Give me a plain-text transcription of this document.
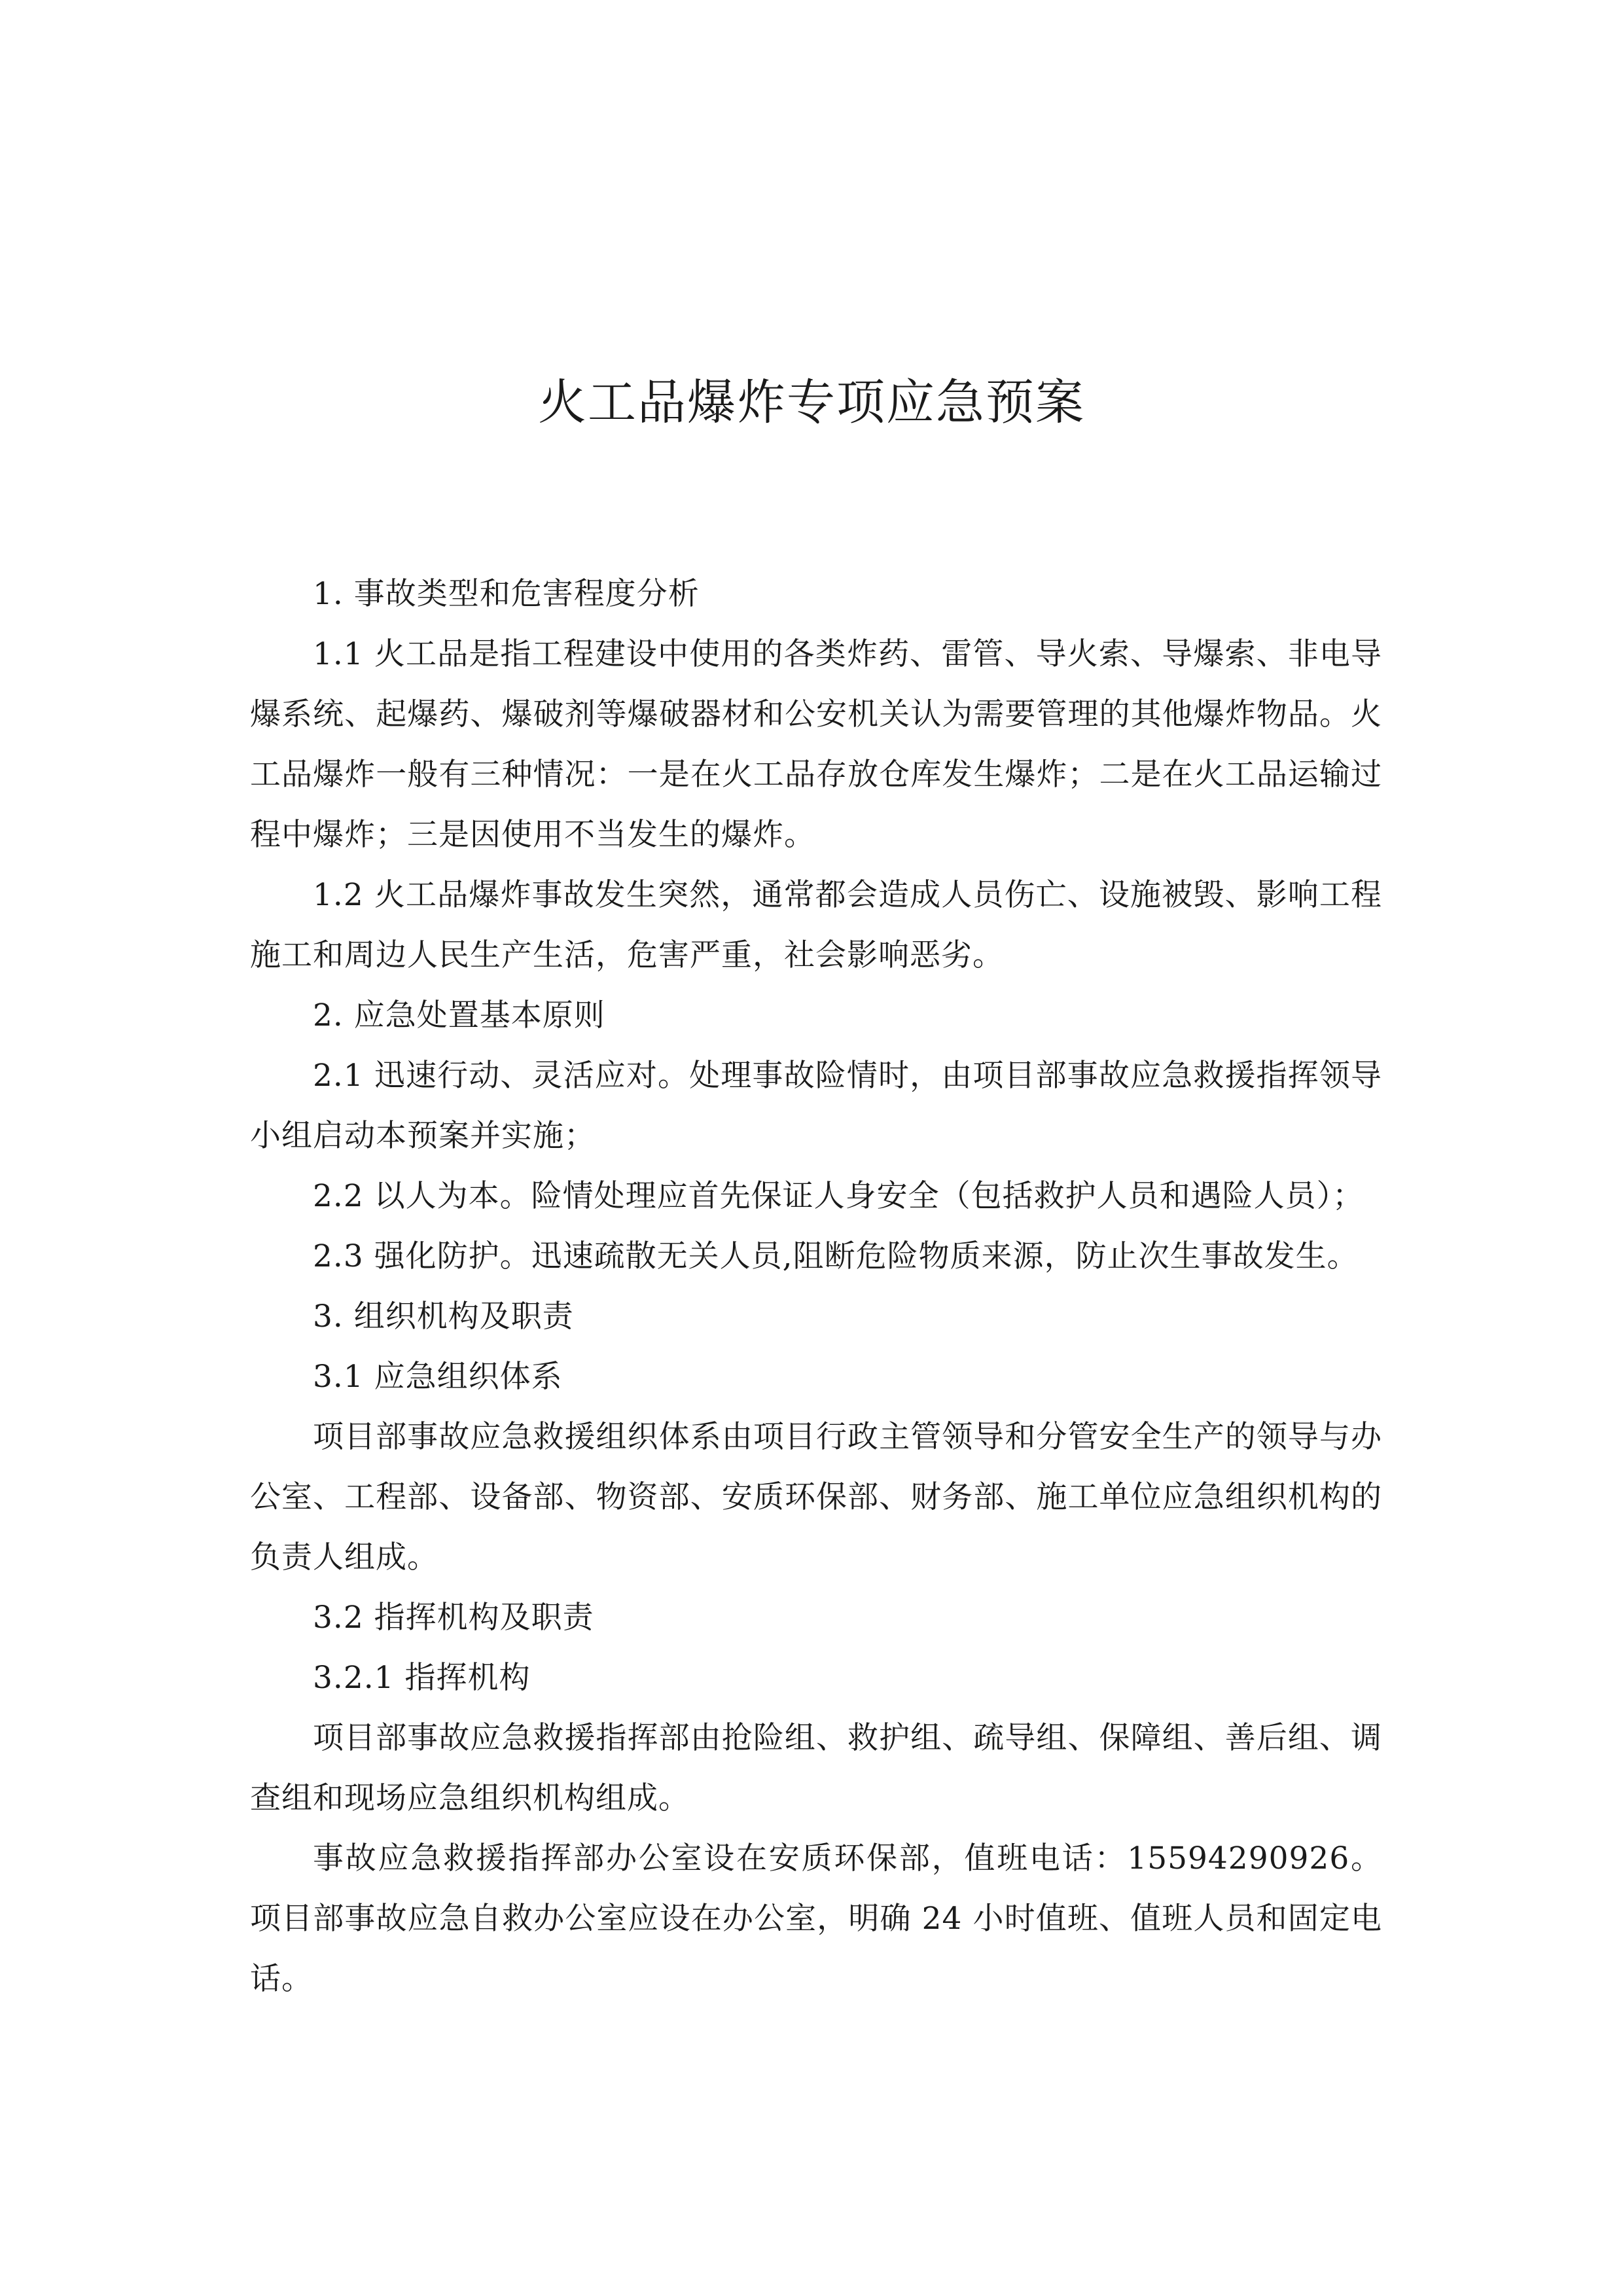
火工品爆炸专项应急预案

1. 事故类型和危害程度分析

1.1 火工品是指工程建设中使用的各类炸药、雷管、导火索、导爆索、非电导爆系统、起爆药、爆破剂等爆破器材和公安机关认为需要管理的其他爆炸物品。火工品爆炸一般有三种情况：一是在火工品存放仓库发生爆炸；二是在火工品运输过程中爆炸；三是因使用不当发生的爆炸。

1.2 火工品爆炸事故发生突然，通常都会造成人员伤亡、设施被毁、影响工程施工和周边人民生产生活，危害严重，社会影响恶劣。

2. 应急处置基本原则

2.1 迅速行动、灵活应对。处理事故险情时，由项目部事故应急救援指挥领导小组启动本预案并实施；

2.2 以人为本。险情处理应首先保证人身安全（包括救护人员和遇险人员）；

2.3 强化防护。迅速疏散无关人员,阻断危险物质来源，防止次生事故发生。

3. 组织机构及职责

3.1 应急组织体系

项目部事故应急救援组织体系由项目行政主管领导和分管安全生产的领导与办公室、工程部、设备部、物资部、安质环保部、财务部、施工单位应急组织机构的负责人组成。

3.2 指挥机构及职责

3.2.1 指挥机构

项目部事故应急救援指挥部由抢险组、救护组、疏导组、保障组、善后组、调查组和现场应急组织机构组成。

事故应急救援指挥部办公室设在安质环保部，值班电话：15594290926。项目部事故应急自救办公室应设在办公室，明确 24 小时值班、值班人员和固定电话。
